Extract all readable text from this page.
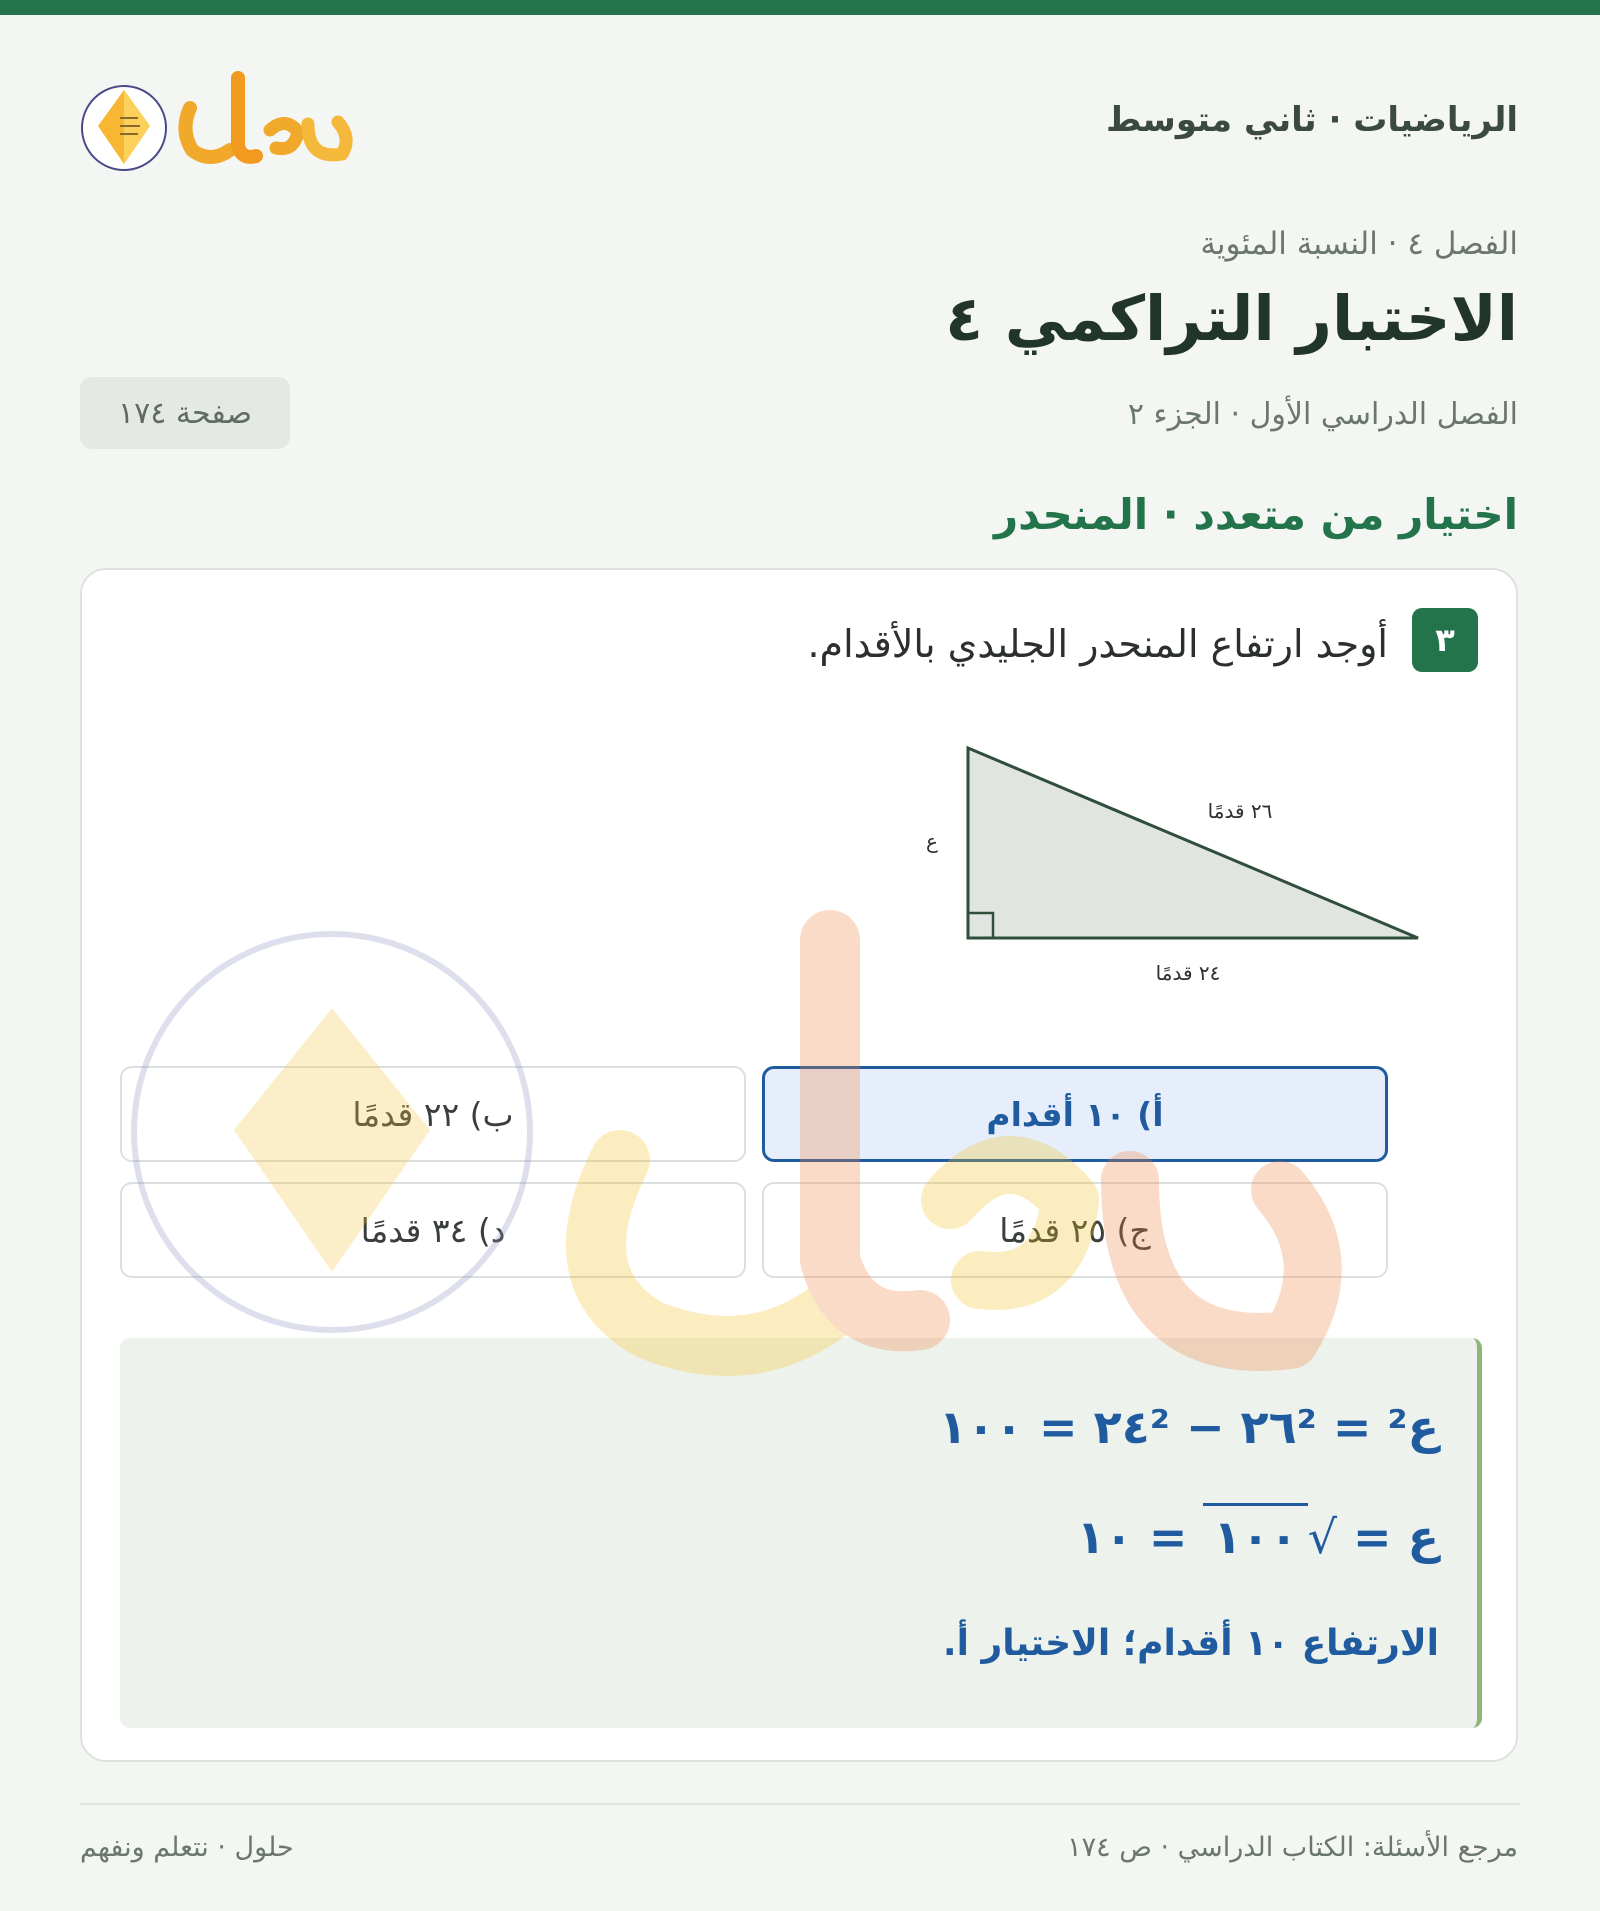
الرياضيات · ثاني متوسط
الفصل ٤ · النسبة المئوية
الاختبار التراكمي ٤
الفصل الدراسي الأول · الجزء ٢
صفحة ١٧٤
اختيار من متعدد · المنحدر
٣
أوجد ارتفاع المنحدر الجليدي بالأقدام.
٢٦ قدمًا
ع
٢٤ قدمًا
أ) ١٠ أقدام
ب) ٢٢ قدمًا
ج) ٢٥ قدمًا
د) ٣٤ قدمًا
ع² = ٢٦² − ٢٤² = ١٠٠
ع = √١٠٠ = ١٠
الارتفاع ١٠ أقدام؛ الاختيار أ.
مرجع الأسئلة: الكتاب الدراسي · ص ١٧٤
حلول · نتعلم ونفهم
